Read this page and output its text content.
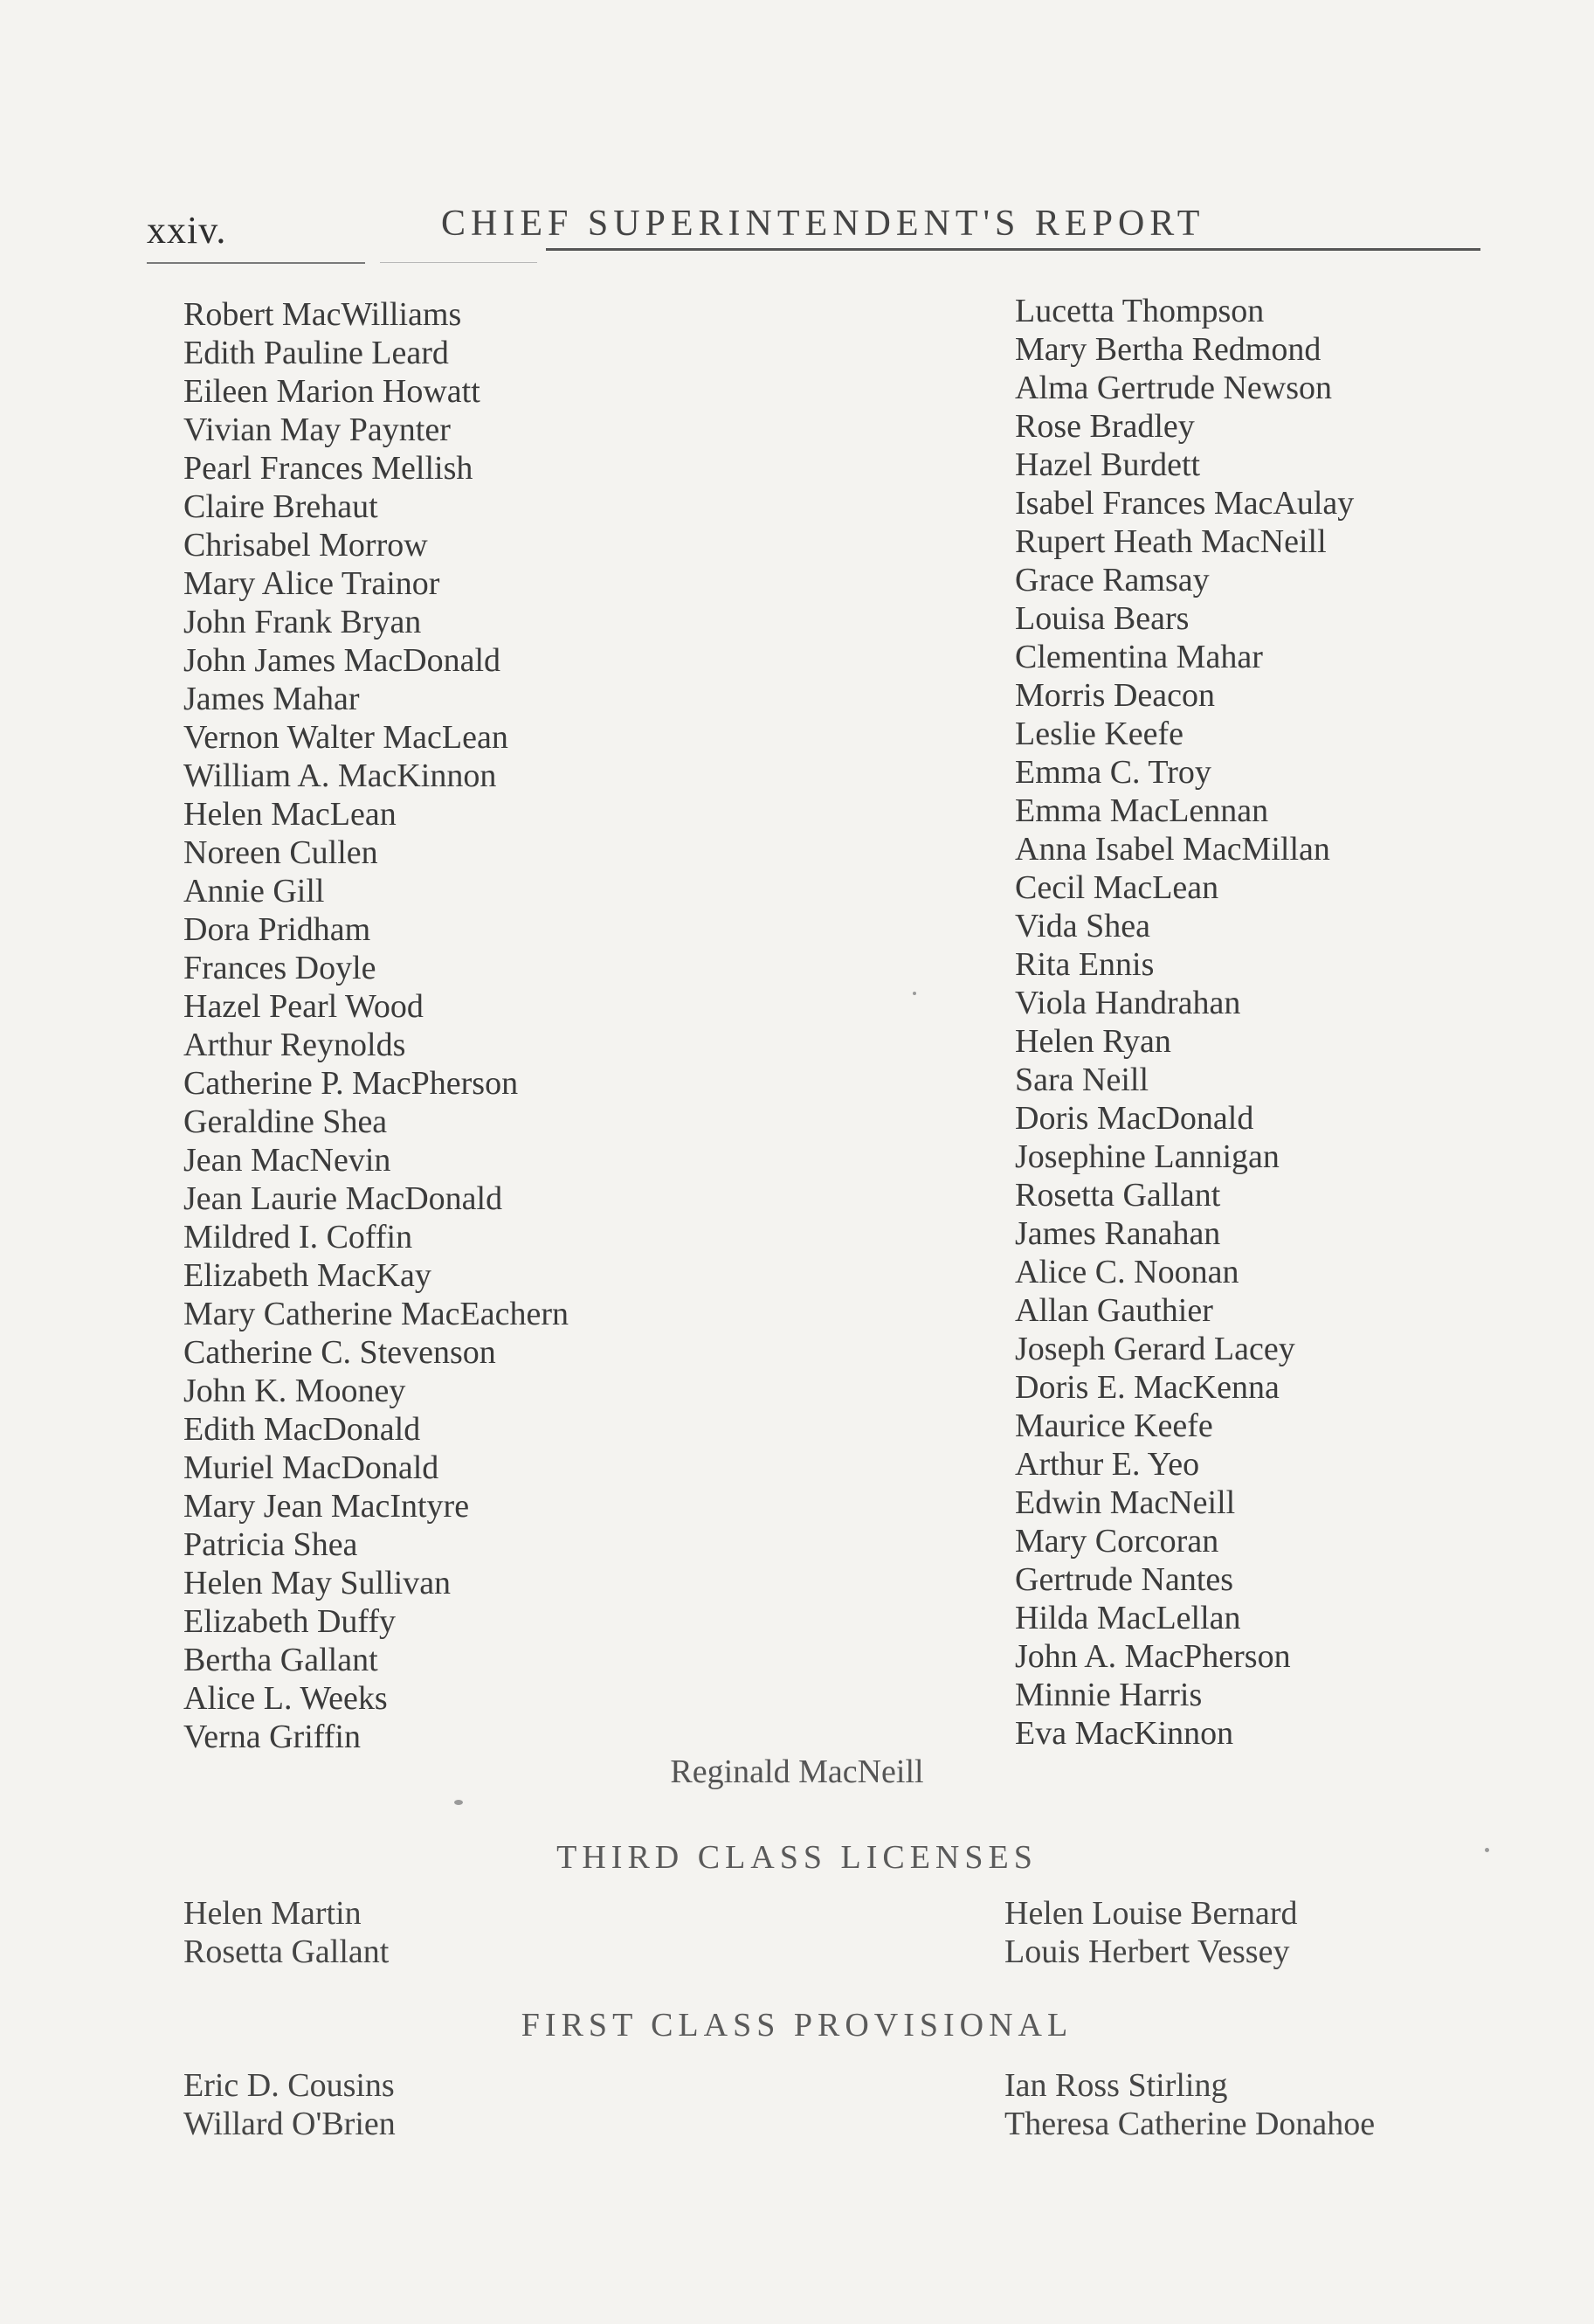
xxiv.	CHIEF SUPERINTENDENT'S REPORT
Robert MacWilliams
Edith Pauline Leard
Eileen Marion Howatt
Vivian May Paynter
Pearl Frances Mellish
Claire Brehaut
Chrisabel Morrow
Mary Alice Trainor
John Frank Bryan
John James MacDonald
James Mahar
Vernon Walter MacLean
William A. MacKinnon
Helen MacLean
Noreen Cullen
Annie Gill
Dora Pridham
Frances Doyle
Hazel Pearl Wood
Arthur Reynolds
Catherine P. MacPherson
Geraldine Shea
Jean MacNevin
Jean Laurie MacDonald
Mildred I. Coffin
Elizabeth MacKay
Mary Catherine MacEachern
Catherine C. Stevenson
John K. Mooney
Edith MacDonald
Muriel MacDonald
Mary Jean MacIntyre
Patricia Shea
Helen May Sullivan
Elizabeth Duffy
Bertha Gallant
Alice L. Weeks
Verna Griffin
Lucetta Thompson
Mary Bertha Redmond
Alma Gertrude Newson
Rose Bradley
Hazel Burdett
Isabel Frances MacAulay
Rupert Heath MacNeill
Grace Ramsay
Louisa Bears
Clementina Mahar
Morris Deacon
Leslie Keefe
Emma C. Troy
Emma MacLennan
Anna Isabel MacMillan
Cecil MacLean
Vida Shea
Rita Ennis
Viola Handrahan
Helen Ryan
Sara Neill
Doris MacDonald
Josephine Lannigan
Rosetta Gallant
James Ranahan
Alice C. Noonan
Allan Gauthier
Joseph Gerard Lacey
Doris E. MacKenna
Maurice Keefe
Arthur E. Yeo
Edwin MacNeill
Mary Corcoran
Gertrude Nantes
Hilda MacLellan
John A. MacPherson
Minnie Harris
Eva MacKinnon
Reginald MacNeill
THIRD CLASS LICENSES
Helen Martin
Rosetta Gallant
Helen Louise Bernard
Louis Herbert Vessey
FIRST CLASS PROVISIONAL
Eric D. Cousins
Willard O'Brien
Ian Ross Stirling
Theresa Catherine Donahoe
